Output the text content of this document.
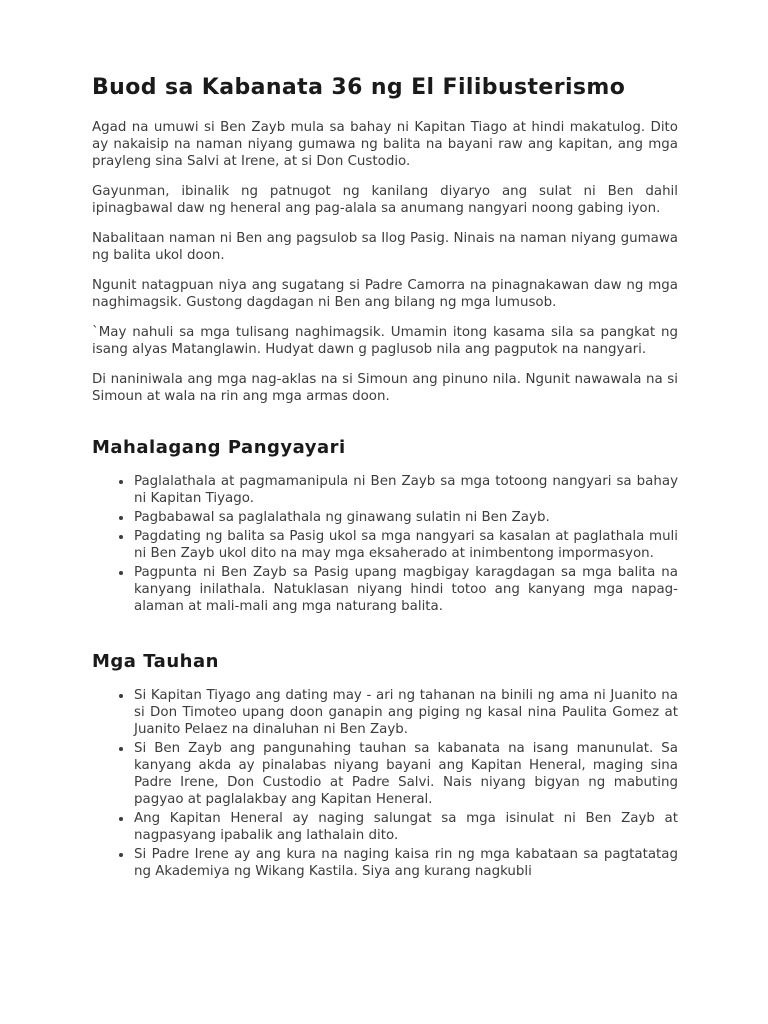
Buod sa Kabanata 36 ng El Filibusterismo

Agad na umuwi si Ben Zayb mula sa bahay ni Kapitan Tiago at hindi makatulog. Dito ay nakaisip na naman niyang gumawa ng balita na bayani raw ang kapitan, ang mga prayleng sina Salvi at Irene, at si Don Custodio.

Gayunman, ibinalik ng patnugot ng kanilang diyaryo ang sulat ni Ben dahil ipinagbawal daw ng heneral ang pag-alala sa anumang nangyari noong gabing iyon.

Nabalitaan naman ni Ben ang pagsulob sa Ilog Pasig. Ninais na naman niyang gumawa ng balita ukol doon.

Ngunit natagpuan niya ang sugatang si Padre Camorra na pinagnakawan daw ng mga naghimagsik. Gustong dagdagan ni Ben ang bilang ng mga lumusob.

`May nahuli sa mga tulisang naghimagsik. Umamin itong kasama sila sa pangkat ng isang alyas Matanglawin. Hudyat dawn g paglusob nila ang pagputok na nangyari.

Di naniniwala ang mga nag-aklas na si Simoun ang pinuno nila. Ngunit nawawala na si Simoun at wala na rin ang mga armas doon.

Mahalagang Pangyayari
• Paglalathala at pagmamanipula ni Ben Zayb sa mga totoong nangyari sa bahay ni Kapitan Tiyago.
• Pagbabawal sa paglalathala ng ginawang sulatin ni Ben Zayb.
• Pagdating ng balita sa Pasig ukol sa mga nangyari sa kasalan at paglathala muli ni Ben Zayb ukol dito na may mga eksaherado at inimbentong impormasyon.
• Pagpunta ni Ben Zayb sa Pasig upang magbigay karagdagan sa mga balita na kanyang inilathala. Natuklasan niyang hindi totoo ang kanyang mga napag-alaman at mali-mali ang mga naturang balita.
Mga Tauhan
• Si Kapitan Tiyago ang dating may - ari ng tahanan na binili ng ama ni Juanito na si Don Timoteo upang doon ganapin ang piging ng kasal nina Paulita Gomez at Juanito Pelaez na dinaluhan ni Ben Zayb.
• Si Ben Zayb ang pangunahing tauhan sa kabanata na isang manunulat. Sa kanyang akda ay pinalabas niyang bayani ang Kapitan Heneral, maging sina Padre Irene, Don Custodio at Padre Salvi. Nais niyang bigyan ng mabuting pagyao at paglalakbay ang Kapitan Heneral.
• Ang Kapitan Heneral ay naging salungat sa mga isinulat ni Ben Zayb at nagpasyang ipabalik ang lathalain dito.
• Si Padre Irene ay ang kura na naging kaisa rin ng mga kabataan sa pagtatatag ng Akademiya ng Wikang Kastila. Siya ang kurang nagkubli
